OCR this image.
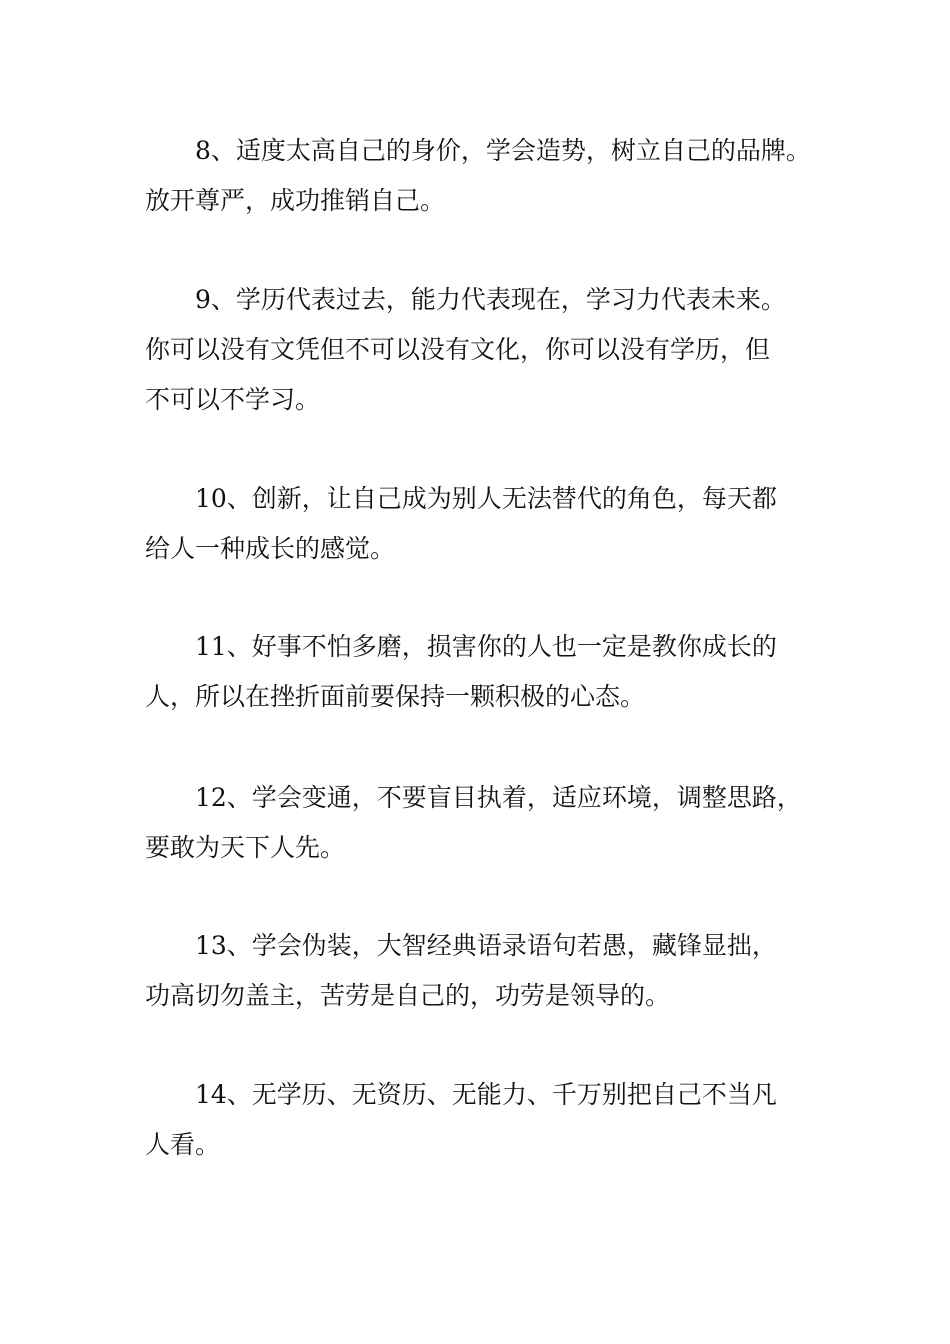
8、适度太高自己的身价，学会造势，树立自己的品牌。
放开尊严，成功推销自己。

9、学历代表过去，能力代表现在，学习力代表未来。
你可以没有文凭但不可以没有文化，你可以没有学历，但
不可以不学习。

10、创新，让自己成为别人无法替代的角色，每天都
给人一种成长的感觉。

11、好事不怕多磨，损害你的人也一定是教你成长的
人，所以在挫折面前要保持一颗积极的心态。

12、学会变通，不要盲目执着，适应环境，调整思路，
要敢为天下人先。

13、学会伪装，大智经典语录语句若愚，藏锋显拙，
功高切勿盖主，苦劳是自己的，功劳是领导的。

14、无学历、无资历、无能力、千万别把自己不当凡
人看。
